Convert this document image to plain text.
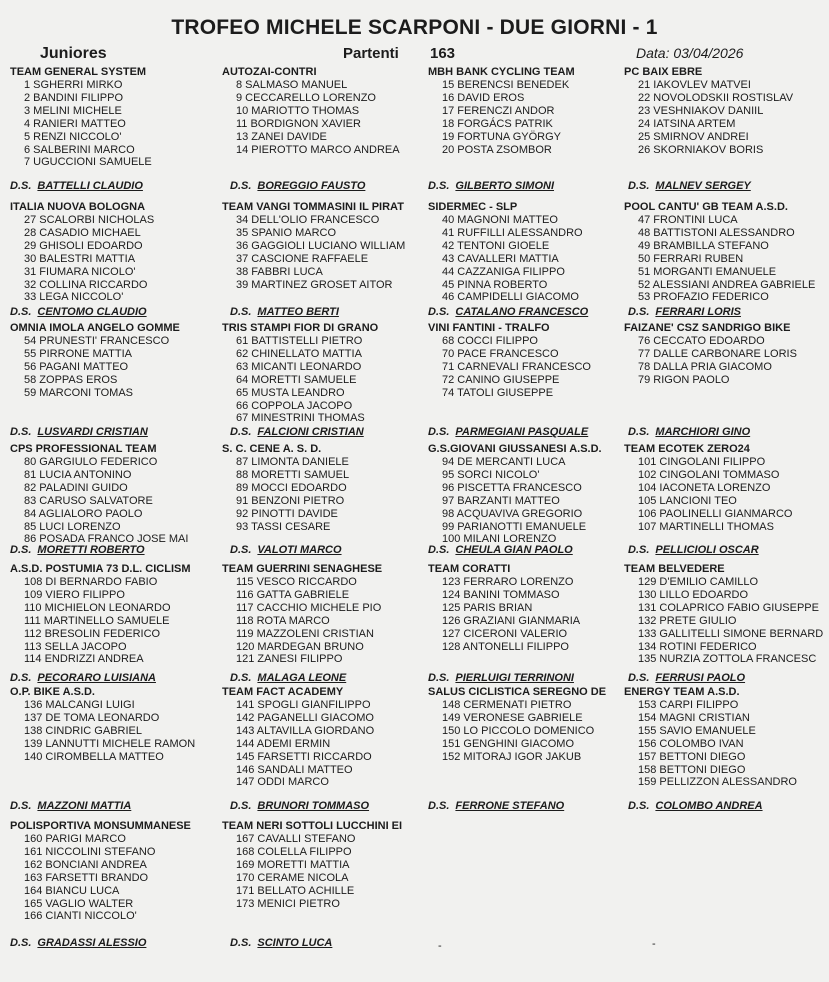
TROFEO MICHELE SCARPONI - DUE GIORNI - 1
Juniores	Partenti 163	Data: 03/04/2026
TEAM GENERAL SYSTEM
1 SGHERRI MIRKO
2 BANDINI FILIPPO
3 MELINI MICHELE
4 RANIERI MATTEO
5 RENZI NICCOLO'
6 SALBERINI MARCO
7 UGUCCIONI SAMUELE
D.S. BATTELLI CLAUDIO
AUTOZAI-CONTRI
8 SALMASO MANUEL
9 CECCARELLO LORENZO
10 MARIOTTO THOMAS
11 BORDIGNON XAVIER
13 ZANEI DAVIDE
14 PIEROTTO MARCO ANDREA
D.S. BOREGGIO FAUSTO
MBH BANK CYCLING TEAM
15 BERENCSI BENEDEK
16 DAVID EROS
17 FERENCZI ANDOR
18 FORGÁCS PATRIK
19 FORTUNA GYÖRGY
20 POSTA ZSOMBOR
D.S. GILBERTO SIMONI
PC BAIX EBRE
21 IAKOVLEV MATVEI
22 NOVOLODSKII ROSTISLAV
23 VESHNIAKOV DANIIL
24 IATSINA ARTEM
25 SMIRNOV ANDREI
26 SKORNIAKOV BORIS
D.S. MALNEV SERGEY
ITALIA NUOVA BOLOGNA
27 SCALORBI NICHOLAS
28 CASADIO MICHAEL
29 GHISOLI EDOARDO
30 BALESTRI MATTIA
31 FIUMARA NICOLO'
32 COLLINA RICCARDO
33 LEGA NICCOLO'
D.S. CENTOMO CLAUDIO
TEAM VANGI TOMMASINI IL PIRAT
34 DELL'OLIO FRANCESCO
35 SPANIO MARCO
36 GAGGIOLI LUCIANO WILLIAM
37 CASCIONE RAFFAELE
38 FABBRI LUCA
39 MARTINEZ GROSET AITOR
D.S. MATTEO BERTI
SIDERMEC - SLP
40 MAGNONI MATTEO
41 RUFFILLI ALESSANDRO
42 TENTONI GIOELE
43 CAVALLERI MATTIA
44 CAZZANIGA FILIPPO
45 PINNA ROBERTO
46 CAMPIDELLI GIACOMO
D.S. CATALANO FRANCESCO
POOL CANTU' GB TEAM A.S.D.
47 FRONTINI LUCA
48 BATTISTONI ALESSANDRO
49 BRAMBILLA STEFANO
50 FERRARI RUBEN
51 MORGANTI EMANUELE
52 ALESSIANI ANDREA GABRIELE
53 PROFAZIO FEDERICO
D.S. FERRARI LORIS
OMNIA IMOLA ANGELO GOMME
54 PRUNESTI' FRANCESCO
55 PIRRONE MATTIA
56 PAGANI MATTEO
58 ZOPPAS EROS
59 MARCONI TOMAS
D.S. LUSVARDI CRISTIAN
TRIS STAMPI FIOR DI GRANO
61 BATTISTELLI PIETRO
62 CHINELLATO MATTIA
63 MICANTI LEONARDO
64 MORETTI SAMUELE
65 MUSTA LEANDRO
66 COPPOLA JACOPO
67 MINESTRINI THOMAS
D.S. FALCIONI CRISTIAN
VINI FANTINI - TRALFO
68 COCCI FILIPPO
70 PACE FRANCESCO
71 CARNEVALI FRANCESCO
72 CANINO GIUSEPPE
74 TATOLI GIUSEPPE
D.S. PARMEGIANI PASQUALE
FAIZANE' CSZ SANDRIGO BIKE
76 CECCATO EDOARDO
77 DALLE CARBONARE LORIS
78 DALLA PRIA GIACOMO
79 RIGON PAOLO
D.S. MARCHIORI GINO
CPS PROFESSIONAL TEAM
80 GARGIULO FEDERICO
81 LUCIA ANTONINO
82 PALADINI GUIDO
83 CARUSO SALVATORE
84 AGLIALORO PAOLO
85 LUCI LORENZO
86 POSADA FRANCO JOSE MAI
D.S. MORETTI ROBERTO
S. C. CENE A. S. D.
87 LIMONTA DANIELE
88 MORETTI SAMUEL
89 MOCCI EDOARDO
91 BENZONI PIETRO
92 PINOTTI DAVIDE
93 TASSI CESARE
D.S. VALOTI MARCO
G.S.GIOVANI GIUSSANESI A.S.D.
94 DE MERCANTI LUCA
95 SORCI NICOLO'
96 PISCETTA FRANCESCO
97 BARZANTI MATTEO
98 ACQUAVIVA GREGORIO
99 PARIANOTTI EMANUELE
100 MILANI LORENZO
D.S. CHEULA GIAN PAOLO
TEAM ECOTEK ZERO24
101 CINGOLANI FILIPPO
102 CINGOLANI TOMMASO
104 IACONETA LORENZO
105 LANCIONI TEO
106 PAOLINELLI GIANMARCO
107 MARTINELLI THOMAS
D.S. PELLICIOLI OSCAR
A.S.D. POSTUMIA 73 D.L. CICLISM
108 DI BERNARDO FABIO
109 VIERO FILIPPO
110 MICHIELON LEONARDO
111 MARTINELLO SAMUELE
112 BRESOLIN FEDERICO
113 SELLA JACOPO
114 ENDRIZZI ANDREA
D.S. PECORARO LUISIANA
TEAM GUERRINI SENAGHESE
115 VESCO RICCARDO
116 GATTA GABRIELE
117 CACCHIO MICHELE PIO
118 ROTA MARCO
119 MAZZOLENI CRISTIAN
120 MARDEGAN BRUNO
121 ZANESI FILIPPO
D.S. MALAGA LEONE
TEAM CORATTI
123 FERRARO LORENZO
124 BANINI TOMMASO
125 PARIS BRIAN
126 GRAZIANI GIANMARIA
127 CICERONI VALERIO
128 ANTONELLI FILIPPO
D.S. PIERLUIGI TERRINONI
TEAM BELVEDERE
129 D'EMILIO CAMILLO
130 LILLO EDOARDO
131 COLAPRICO FABIO GIUSEPPE
132 PRETE GIULIO
133 GALLITELLI SIMONE BERNARD
134 ROTINI FEDERICO
135 NURZIA ZOTTOLA FRANCESC
D.S. FERRUSI PAOLO
O.P. BIKE A.S.D.
136 MALCANGI LUIGI
137 DE TOMA LEONARDO
138 CINDRIC GABRIEL
139 LANNUTTI MICHELE RAMON
140 CIROMBELLA MATTEO
D.S. MAZZONI MATTIA
TEAM FACT ACADEMY
141 SPOGLI GIANFILIPPO
142 PAGANELLI GIACOMO
143 ALTAVILLA GIORDANO
144 ADEMI ERMIN
145 FARSETTI RICCARDO
146 SANDALI MATTEO
147 ODDI MARCO
D.S. BRUNORI TOMMASO
SALUS CICLISTICA SEREGNO DE
148 CERMENATI PIETRO
149 VERONESE GABRIELE
150 LO PICCOLO DOMENICO
151 GENGHINI GIACOMO
152 MITORAJ IGOR JAKUB
D.S. FERRONE STEFANO
ENERGY TEAM A.S.D.
153 CARPI FILIPPO
154 MAGNI CRISTIAN
155 SAVIO EMANUELE
156 COLOMBO IVAN
157 BETTONI DIEGO
158 BETTONI DIEGO
159 PELLIZZON ALESSANDRO
D.S. COLOMBO ANDREA
POLISPORTIVA MONSUMMANESE
160 PARIGI MARCO
161 NICCOLINI STEFANO
162 BONCIANI ANDREA
163 FARSETTI BRANDO
164 BIANCU LUCA
165 VAGLIO WALTER
166 CIANTI NICCOLO'
D.S. GRADASSI ALESSIO
TEAM NERI SOTTOLI LUCCHINI EI
167 CAVALLI STEFANO
168 COLELLA FILIPPO
169 MORETTI MATTIA
170 CERAME NICOLA
171 BELLATO ACHILLE
173 MENICI PIETRO
D.S. SCINTO LUCA	-	-
